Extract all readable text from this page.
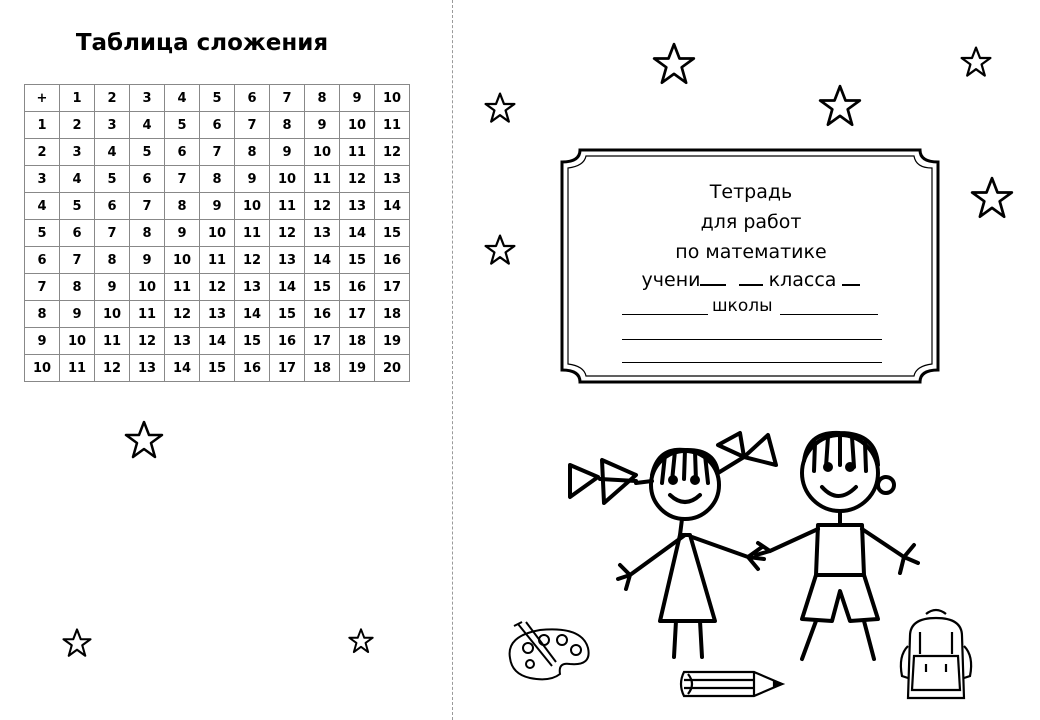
Таблица сложения
+	1	2	3	4	5	6	7	8	9	10
1	2	3	4	5	6	7	8	9	10	11
2	3	4	5	6	7	8	9	10	11	12
3	4	5	6	7	8	9	10	11	12	13
4	5	6	7	8	9	10	11	12	13	14
5	6	7	8	9	10	11	12	13	14	15
6	7	8	9	10	11	12	13	14	15	16
7	8	9	10	11	12	13	14	15	16	17
8	9	10	11	12	13	14	15	16	17	18
9	10	11	12	13	14	15	16	17	18	19
10	11	12	13	14	15	16	17	18	19	20
Тетрадь
для работ
по математике
учени	класса
школы
